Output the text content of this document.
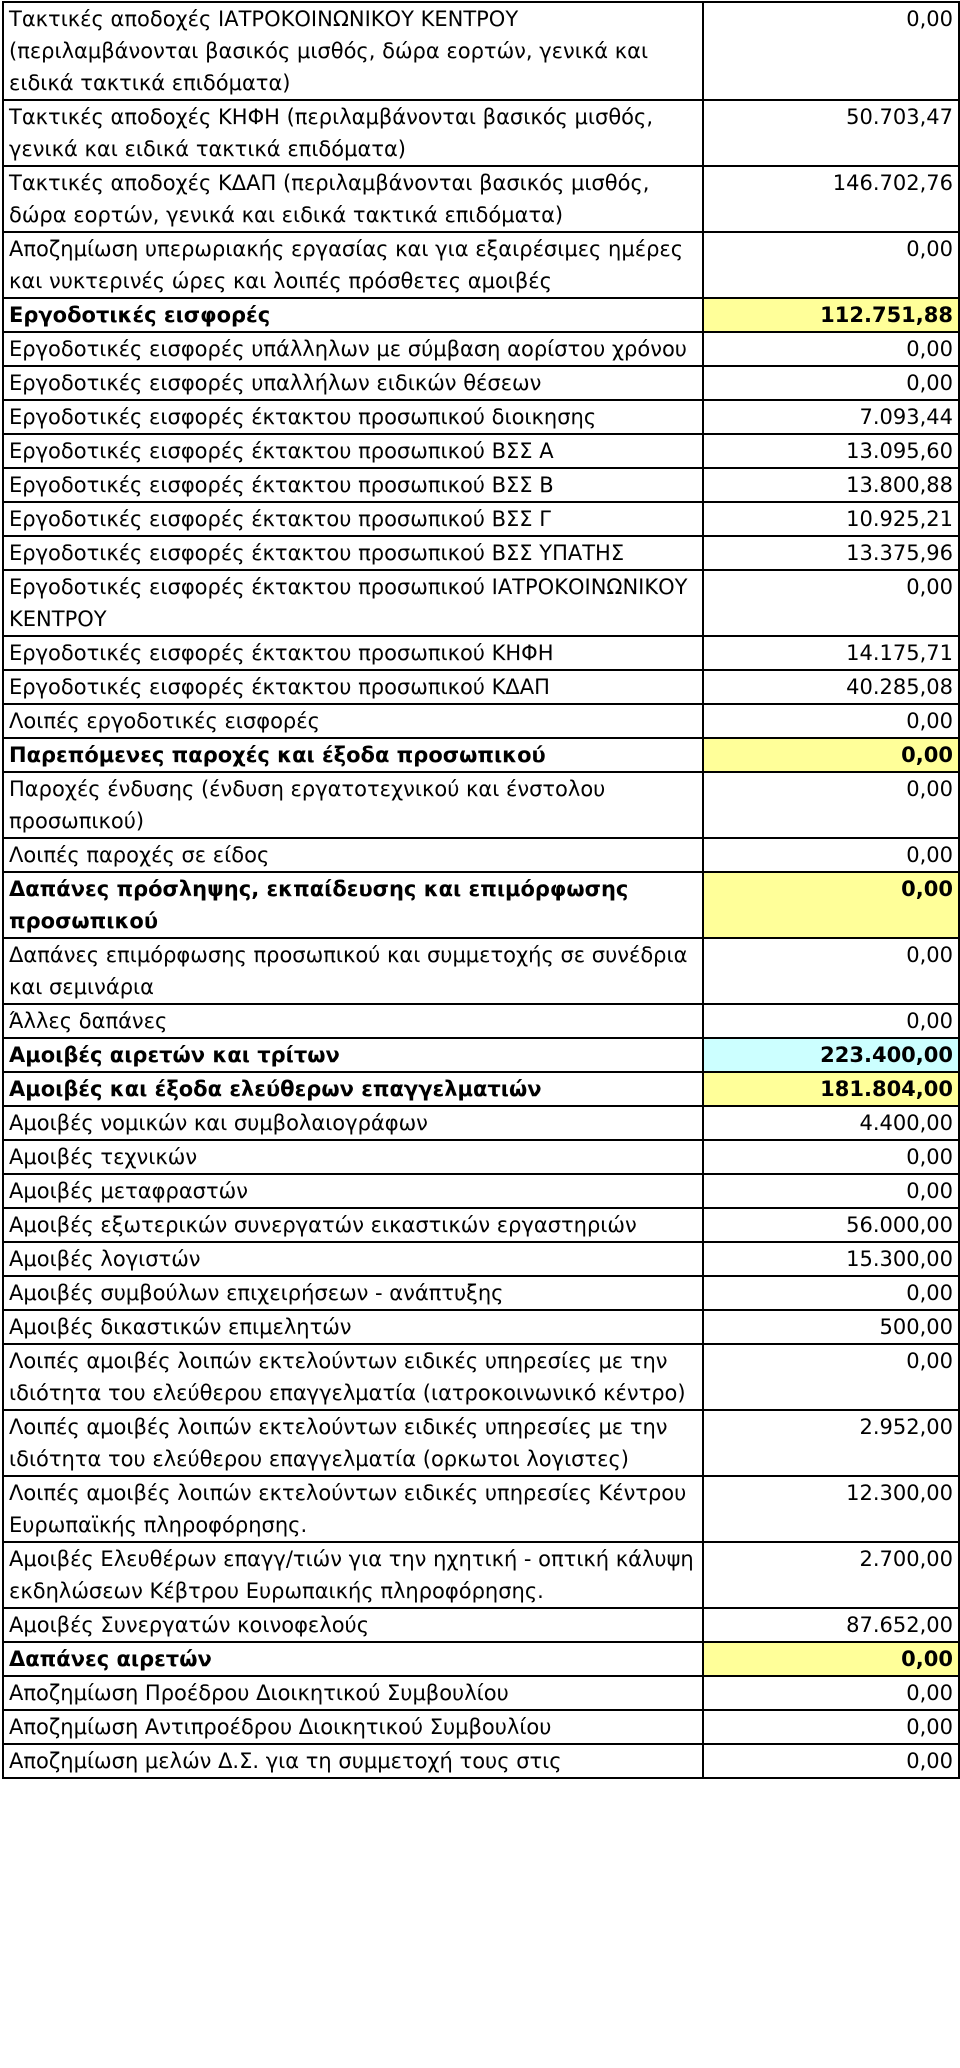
Τακτικές αποδοχές ΙΑΤΡΟΚΟΙΝΩΝΙΚΟΥ ΚΕΝΤΡΟΥ (περιλαμβάνονται βασικός μισθός, δώρα εορτών, γενικά και ειδικά τακτικά επιδόματα)	0,00
Τακτικές αποδοχές ΚΗΦΗ (περιλαμβάνονται βασικός μισθός, γενικά και ειδικά τακτικά επιδόματα)	50.703,47
Τακτικές αποδοχές ΚΔΑΠ (περιλαμβάνονται βασικός μισθός, δώρα εορτών, γενικά και ειδικά τακτικά επιδόματα)	146.702,76
Αποζημίωση υπερωριακής εργασίας και για εξαιρέσιμες ημέρες και νυκτερινές ώρες και λοιπές πρόσθετες αμοιβές	0,00
Εργοδοτικές εισφορές	112.751,88
Εργοδοτικές εισφορές υπάλληλων με σύμβαση αορίστου χρόνου	0,00
Εργοδοτικές εισφορές υπαλλήλων ειδικών θέσεων	0,00
Εργοδοτικές εισφορές έκτακτου προσωπικού διοικησης	7.093,44
Εργοδοτικές εισφορές έκτακτου προσωπικού ΒΣΣ Α	13.095,60
Εργοδοτικές εισφορές έκτακτου προσωπικού ΒΣΣ Β	13.800,88
Εργοδοτικές εισφορές έκτακτου προσωπικού ΒΣΣ Γ	10.925,21
Εργοδοτικές εισφορές έκτακτου προσωπικού ΒΣΣ ΥΠΑΤΗΣ	13.375,96
Εργοδοτικές εισφορές έκτακτου προσωπικού ΙΑΤΡΟΚΟΙΝΩΝΙΚΟΥ ΚΕΝΤΡΟΥ	0,00
Εργοδοτικές εισφορές έκτακτου προσωπικού ΚΗΦΗ	14.175,71
Εργοδοτικές εισφορές έκτακτου προσωπικού ΚΔΑΠ	40.285,08
Λοιπές εργοδοτικές εισφορές	0,00
Παρεπόμενες παροχές και έξοδα προσωπικού	0,00
Παροχές ένδυσης (ένδυση εργατοτεχνικού και ένστολου προσωπικού)	0,00
Λοιπές παροχές σε είδος	0,00
Δαπάνες πρόσληψης, εκπαίδευσης και επιμόρφωσης προσωπικού	0,00
Δαπάνες επιμόρφωσης προσωπικού και συμμετοχής σε συνέδρια και σεμινάρια	0,00
Άλλες δαπάνες	0,00
Αμοιβές αιρετών και τρίτων	223.400,00
Αμοιβές και έξοδα ελεύθερων επαγγελματιών	181.804,00
Αμοιβές νομικών και συμβολαιογράφων	4.400,00
Αμοιβές τεχνικών	0,00
Αμοιβές μεταφραστών	0,00
Αμοιβές εξωτερικών συνεργατών εικαστικών εργαστηριών	56.000,00
Αμοιβές λογιστών	15.300,00
Αμοιβές συμβούλων επιχειρήσεων - ανάπτυξης	0,00
Αμοιβές δικαστικών επιμελητών	500,00
Λοιπές αμοιβές λοιπών εκτελούντων ειδικές υπηρεσίες με την ιδιότητα του ελεύθερου επαγγελματία (ιατροκοινωνικό κέντρο)	0,00
Λοιπές αμοιβές λοιπών εκτελούντων ειδικές υπηρεσίες με την ιδιότητα του ελεύθερου επαγγελματία (ορκωτοι λογιστες)	2.952,00
Λοιπές αμοιβές λοιπών εκτελούντων ειδικές υπηρεσίες Κέντρου Ευρωπαϊκής πληροφόρησης.	12.300,00
Αμοιβές Ελευθέρων επαγγ/τιών για την ηχητική - οπτική κάλυψη εκδηλώσεων Κέβτρου Ευρωπαικής πληροφόρησης.	2.700,00
Αμοιβές Συνεργατών κοινοφελούς	87.652,00
Δαπάνες αιρετών	0,00
Αποζημίωση Προέδρου Διοικητικού Συμβουλίου	0,00
Αποζημίωση Αντιπροέδρου Διοικητικού Συμβουλίου	0,00
Αποζημίωση μελών Δ.Σ. για τη συμμετοχή τους στις	0,00
